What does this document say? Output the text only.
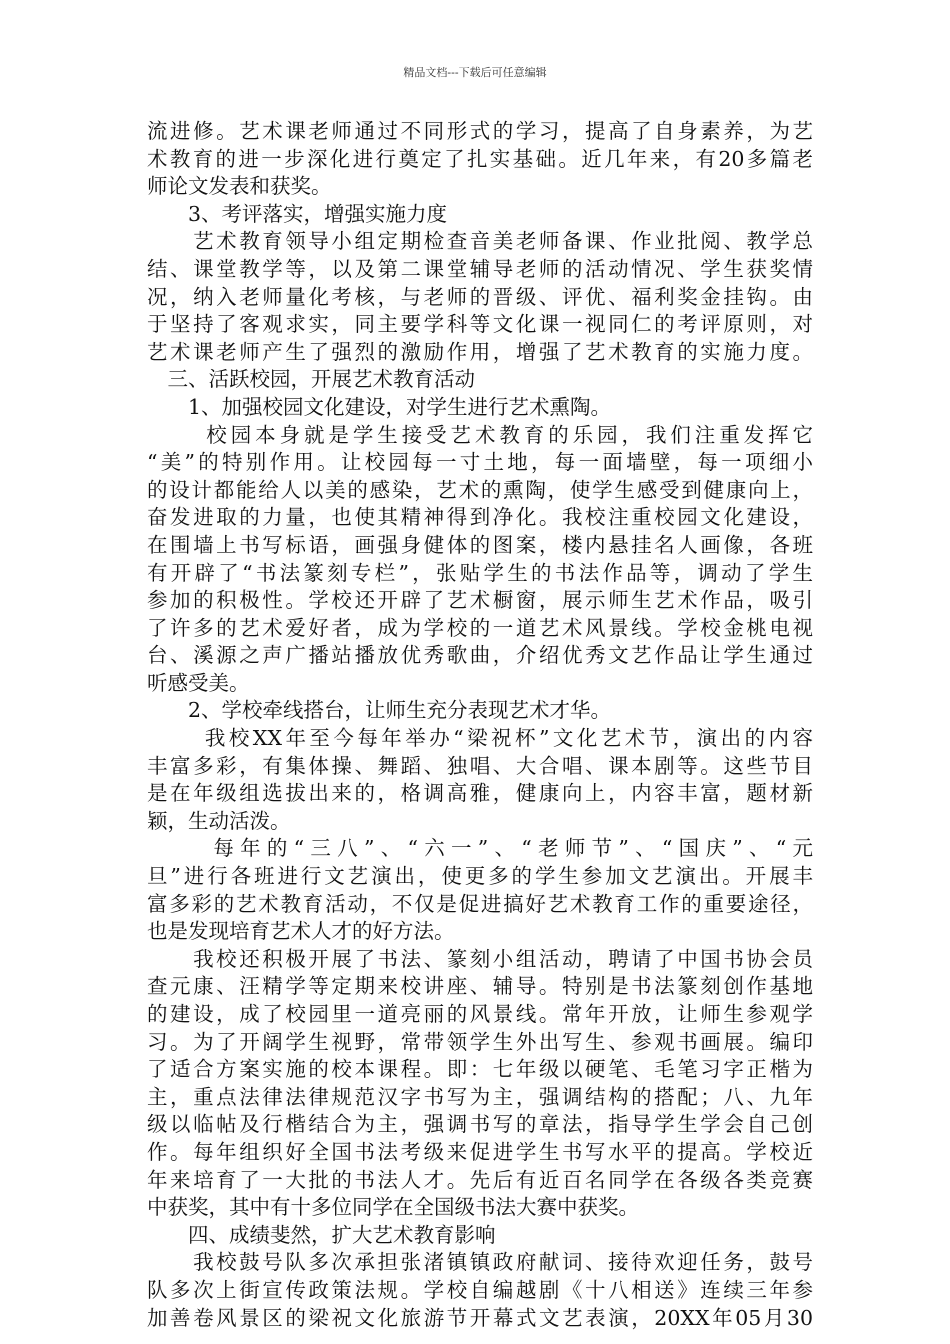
精品文档---下载后可任意编辑
流进修。艺术课老师通过不同形式的学习，提高了自身素养，为艺
术教育的进一步深化进行奠定了扎实基础。近几年来，有20多篇老
师论文发表和获奖。
　　3、考评落实，增强实施力度
　　艺术教育领导小组定期检查音美老师备课、作业批阅、教学总
结、课堂教学等，以及第二课堂辅导老师的活动情况、学生获奖情
况，纳入老师量化考核，与老师的晋级、评优、福利奖金挂钩。由
于坚持了客观求实，同主要学科等文化课一视同仁的考评原则，对
艺术课老师产生了强烈的激励作用，增强了艺术教育的实施力度。
　三、活跃校园，开展艺术教育活动
　　1、加强校园文化建设，对学生进行艺术熏陶。
　　 校园本身就是学生接受艺术教育的乐园，我们注重发挥它
“美”的特别作用。让校园每一寸土地，每一面墙壁，每一项细小
的设计都能给人以美的感染，艺术的熏陶，使学生感受到健康向上，
奋发进取的力量，也使其精神得到净化。我校注重校园文化建设，
在围墙上书写标语，画强身健体的图案，楼内悬挂名人画像，各班
有开辟了“书法篆刻专栏”，张贴学生的书法作品等，调动了学生
参加的积极性。学校还开辟了艺术橱窗，展示师生艺术作品，吸引
了许多的艺术爱好者，成为学校的一道艺术风景线。学校金桃电视
台、溪源之声广播站播放优秀歌曲，介绍优秀文艺作品让学生通过
听感受美。
　　2、学校牵线搭台，让师生充分表现艺术才华。
　　 我校XX年至今每年举办“梁祝杯”文化艺术节，演出的内容
丰富多彩，有集体操、舞蹈、独唱、大合唱、课本剧等。这些节目
是在年级组选拔出来的，格调高雅，健康向上，内容丰富，题材新
颖，生动活泼。
　　 每年的“三八”、“六一”、“老师节”、“国庆”、“元
旦”进行各班进行文艺演出，使更多的学生参加文艺演出。开展丰
富多彩的艺术教育活动，不仅是促进搞好艺术教育工作的重要途径，
也是发现培育艺术人才的好方法。
　　我校还积极开展了书法、篆刻小组活动，聘请了中国书协会员
查元康、汪精学等定期来校讲座、辅导。特别是书法篆刻创作基地
的建设，成了校园里一道亮丽的风景线。常年开放，让师生参观学
习。为了开阔学生视野，常带领学生外出写生、参观书画展。编印
了适合方案实施的校本课程。即：七年级以硬笔、毛笔习字正楷为
主，重点法律法律规范汉字书写为主，强调结构的搭配；八、九年
级以临帖及行楷结合为主，强调书写的章法，指导学生学会自己创
作。每年组织好全国书法考级来促进学生书写水平的提高。学校近
年来培育了一大批的书法人才。先后有近百名同学在各级各类竞赛
中获奖，其中有十多位同学在全国级书法大赛中获奖。
　　四、成绩斐然，扩大艺术教育影响
　　我校鼓号队多次承担张渚镇镇政府献词、接待欢迎任务，鼓号
队多次上街宣传政策法规。学校自编越剧《十八相送》连续三年参
加善卷风景区的梁祝文化旅游节开幕式文艺表演，20XX年05月30
